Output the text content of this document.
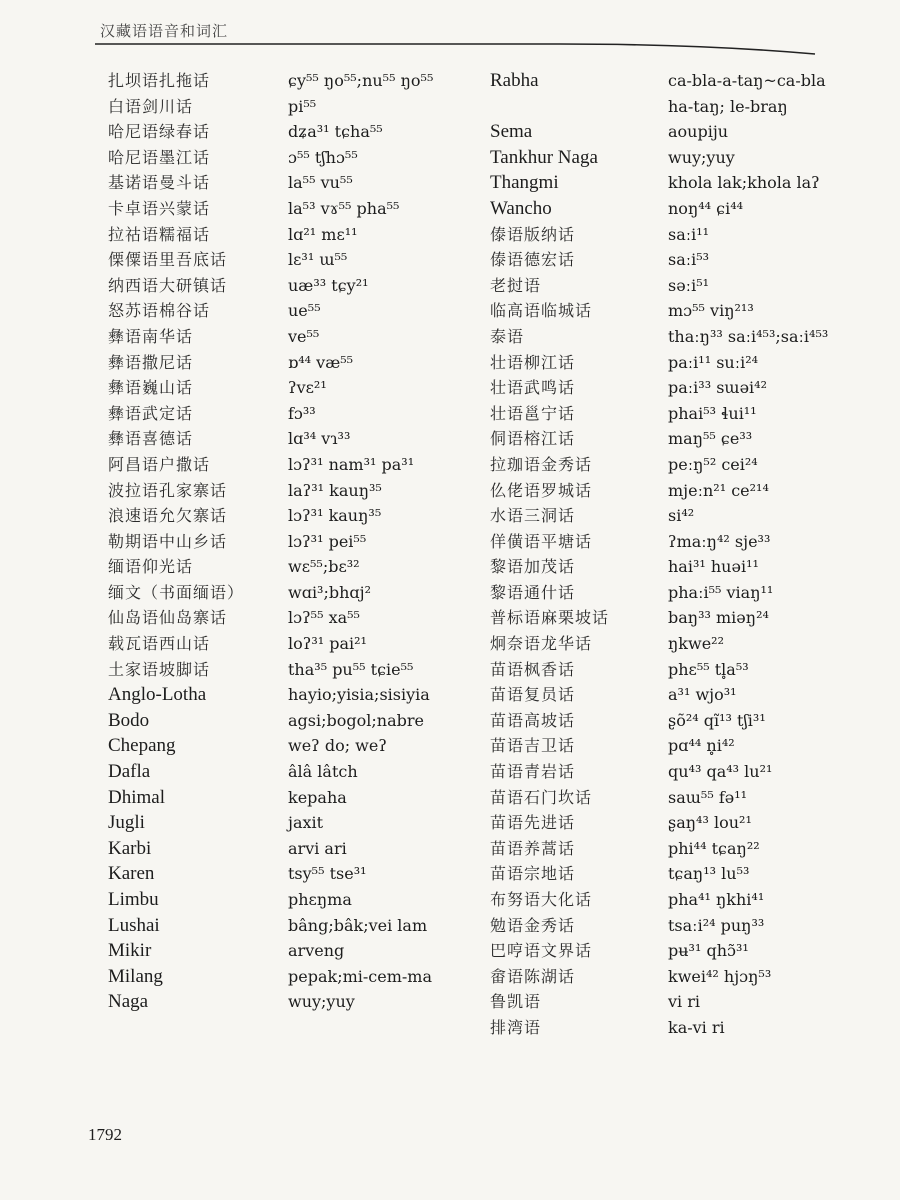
汉藏语语音和词汇
扎坝语扎拖话
白语剑川话
哈尼语绿春话
哈尼语墨江话
基诺语曼斗话
卡卓语兴蒙话
拉祜语糯福话
傈僳语里吾底话
纳西语大研镇话
怒苏语棉谷话
彝语南华话
彝语撒尼话
彝语巍山话
彝语武定话
彝语喜德话
阿昌语户撒话
波拉语孔家寨话
浪速语允欠寨话
勒期语中山乡话
缅语仰光话
缅文（书面缅语）
仙岛语仙岛寨话
载瓦语西山话
土家语坡脚话
Anglo-Lotha
Bodo
Chepang
Dafla
Dhimal
Jugli
Karbi
Karen
Limbu
Lushai
Mikir
Milang
Naga
ɕy⁵⁵ ŋo⁵⁵;nu⁵⁵ ŋo⁵⁵
pi⁵⁵
dʑa³¹ tɕha⁵⁵
ɔ⁵⁵ tʃhɔ⁵⁵
la⁵⁵ vu⁵⁵
la⁵³ vɤ⁵⁵ pha⁵⁵
lɑ²¹ mɛ¹¹
lɛ³¹ ɯ⁵⁵
uæ³³ tɕy²¹
ue⁵⁵
ve⁵⁵
ɒ⁴⁴ væ⁵⁵
ʔvɛ²¹
fɔ³³
lɑ³⁴ vɿ³³
lɔʔ³¹ nam³¹ pa³¹
laʔ³¹ kauŋ³⁵
lɔʔ³¹ kauŋ³⁵
lɔʔ³¹ pei⁵⁵
wɛ⁵⁵;bɛ³²
wɑi³;bhɑj²
lɔʔ⁵⁵ xa⁵⁵
loʔ³¹ pai²¹
tha³⁵ pu⁵⁵ tɕie⁵⁵
hayio;yisia;sisiyia
agsi;bogol;nabre
weʔ do; weʔ
âlâ lâtch
kepaha
jaxit
arvi ari
tsy⁵⁵ tse³¹
phɛŋma
bâng;bâk;vei lam
arveng
pepak;mi-cem-ma
wuy;yuy
Rabha
Sema
Tankhur Naga
Thangmi
Wancho
傣语版纳话
傣语德宏话
老挝语
临高语临城话
泰语
壮语柳江话
壮语武鸣话
壮语邕宁话
侗语榕江话
拉珈语金秀话
仫佬语罗城话
水语三洞话
佯僙语平塘话
黎语加茂话
黎语通什话
普标语麻栗坡话
炯奈语龙华话
苗语枫香话
苗语复员话
苗语高坡话
苗语吉卫话
苗语青岩话
苗语石门坎话
苗语先进话
苗语养蒿话
苗语宗地话
布努语大化话
勉语金秀话
巴哼语文界话
畲语陈湖话
鲁凯语
排湾语
ca-bla-a-taŋ~ca-bla
ha-taŋ; le-braŋ
aoupiju
wuy;yuy
khola lak;khola laʔ
noŋ⁴⁴ ɕi⁴⁴
saːi¹¹
saːi⁵³
səːi⁵¹
mɔ⁵⁵ viŋ²¹³
thaːŋ³³ saːi⁴⁵³;saːi⁴⁵³
paːi¹¹ suːi²⁴
paːi³³ sɯəi⁴²
phai⁵³ ɬui¹¹
maŋ⁵⁵ ɕe³³
peːŋ⁵² cei²⁴
mjeːn²¹ ce²¹⁴
si⁴²
ʔmaːŋ⁴² sje³³
hai³¹ huəi¹¹
phaːi⁵⁵ viaŋ¹¹
baŋ³³ miəŋ²⁴
ŋkwe²²
phɛ⁵⁵ tl̥a⁵³
a³¹ wjo³¹
ʂõ²⁴ qĩ¹³ tʃi³¹
pɑ⁴⁴ n̥i⁴²
qu⁴³ qa⁴³ lu²¹
saɯ⁵⁵ fə¹¹
ʂaŋ⁴³ lou²¹
phi⁴⁴ tɕaŋ²²
tɕaŋ¹³ lu⁵³
pha⁴¹ ŋkhi⁴¹
tsaːi²⁴ puŋ³³
pʉ³¹ qhɔ̃³¹
kwei⁴² hjɔŋ⁵³
vi ri
ka-vi ri
1792
